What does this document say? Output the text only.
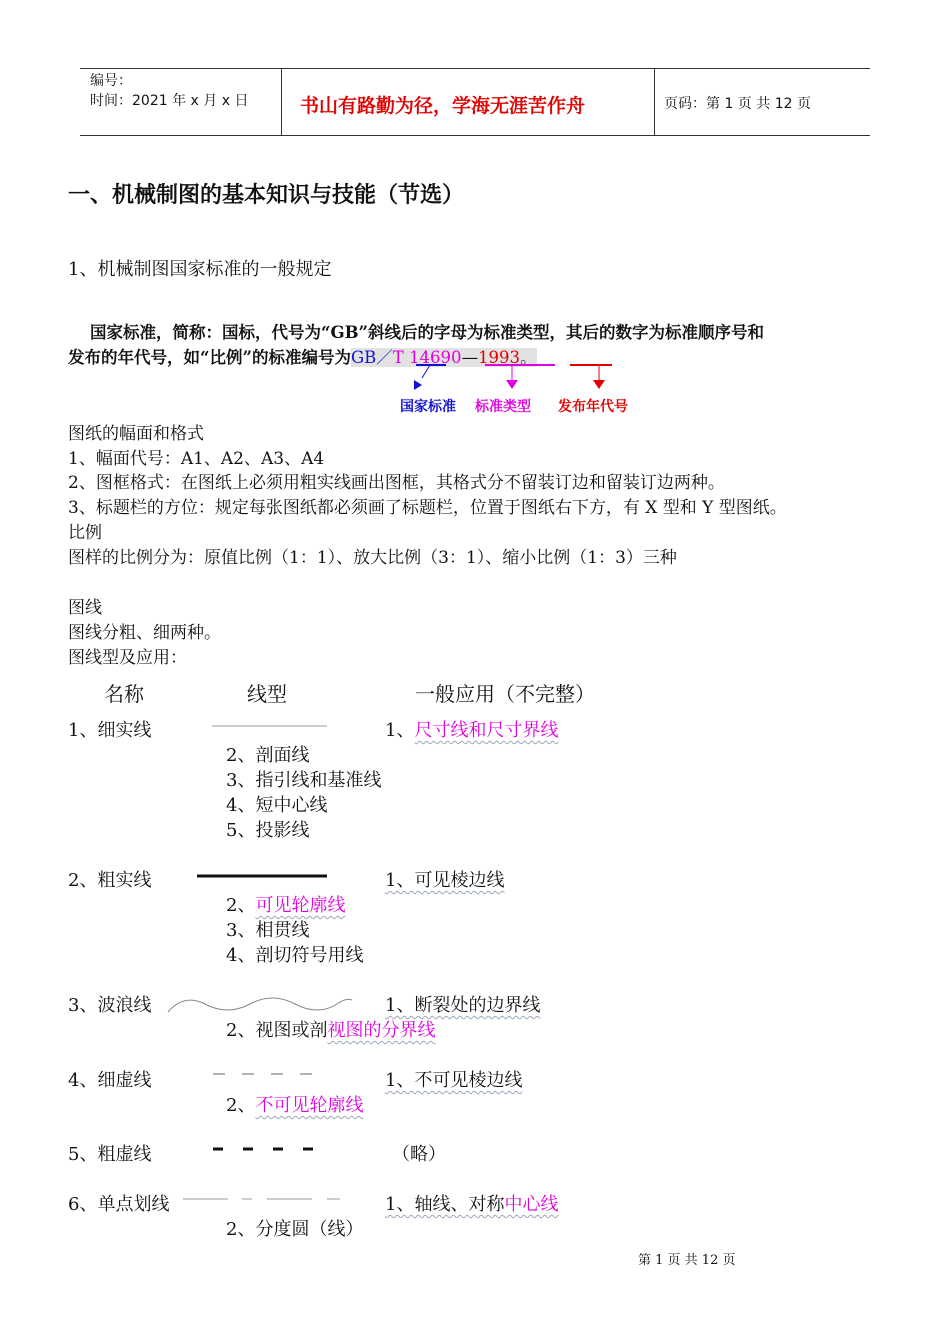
编号：
时间：2021 年 x 月 x 日	书山有路勤为径，学海无涯苦作舟	页码：第 1 页 共 12 页
一、机械制图的基本知识与技能（节选）
1、机械制图国家标准的一般规定
国家标准，简称：国标，代号为“GB”斜线后的字母为标准类型，其后的数字为标准顺序号和
发布的年代号，如“比例”的标准编号为GB／T 14690—1993。
国家标准 标准类型 发布年代号
图纸的幅面和格式
1、幅面代号：A1、A2、A3、A4
2、图框格式：在图纸上必须用粗实线画出图框，其格式分不留装订边和留装订边两种。
3、标题栏的方位：规定每张图纸都必须画了标题栏，位置于图纸右下方，有 X 型和 Y 型图纸。
比例
图样的比例分为：原值比例（1：1）、放大比例（3：1）、缩小比例（1：3）三种
图线
图线分粗、细两种。
图线型及应用：
名称	线型	一般应用（不完整）
1、细实线	1、尺寸线和尺寸界线
2、剖面线
3、指引线和基准线
4、短中心线
5、投影线
2、粗实线	1、可见棱边线
2、可见轮廓线
3、相贯线
4、剖切符号用线
3、波浪线	1、断裂处的边界线
2、视图或剖视图的分界线
4、细虚线	1、不可见棱边线
2、不可见轮廓线
5、粗虚线	（略）
6、单点划线	1、轴线、对称中心线
2、分度圆（线）
第 1 页 共 12 页
